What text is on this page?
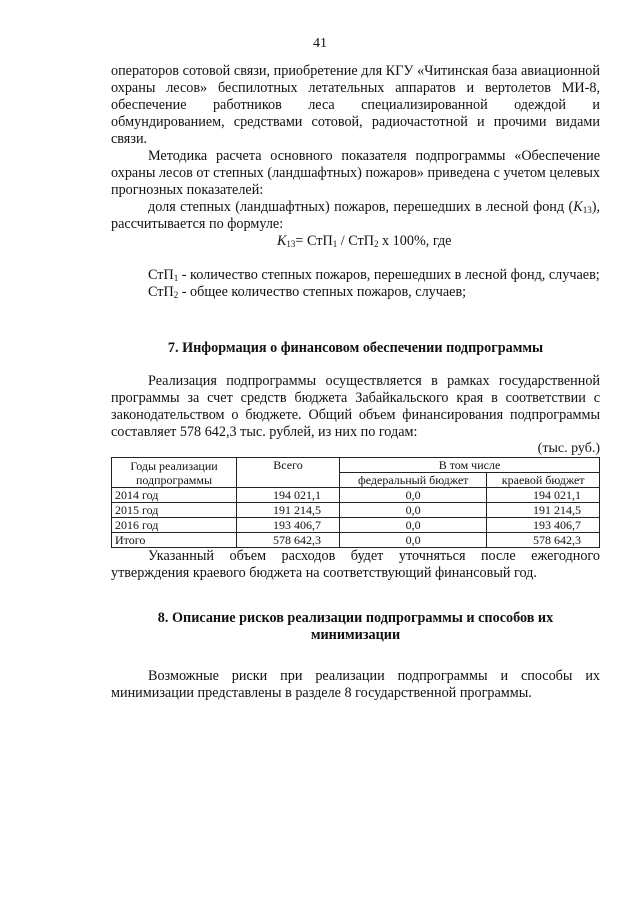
41

операторов сотовой связи, приобретение для КГУ «Читинская база авиационной охраны лесов» беспилотных летательных аппаратов и вертолетов МИ-8, обеспечение работников леса специализированной одеждой и обмундированием, средствами сотовой, радиочастотной и прочими видами связи.

Методика расчета основного показателя подпрограммы «Обеспечение охраны лесов от степных (ландшафтных) пожаров» приведена с учетом целевых прогнозных показателей:

доля степных (ландшафтных) пожаров, перешедших в лесной фонд $(К_{13})$, рассчитывается по формуле:

$К_{13}= СтП_1 / СтП_2$ х 100%, где

СтП$_1$ - количество степных пожаров, перешедших в лесной фонд, случаев;

СтП$_2$ - общее количество степных пожаров, случаев;

7. Информация о финансовом обеспечении подпрограммы

Реализация подпрограммы осуществляется в рамках государственной программы за счет средств бюджета Забайкальского края в соответствии с законодательством о бюджете. Общий объем финансирования подпрограммы составляет 578 642,3 тыс. рублей, из них по годам:

(тыс. руб.)
Годы реализации подпрограммы	Всего	В том числе	
		федеральный бюджет	краевой бюджет
2014 год	194 021,1	0,0	194 021,1
2015 год	191 214,5	0,0	191 214,5
2016 год	193 406,7	0,0	193 406,7
Итого	578 642,3	0,0	578 642,3

Указанный объем расходов будет уточняться после ежегодного утверждения краевого бюджета на соответствующий финансовый год.

8. Описание рисков реализации подпрограммы и способов их минимизации

Возможные риски при реализации подпрограммы и способы их минимизации представлены в разделе 8 государственной программы.
